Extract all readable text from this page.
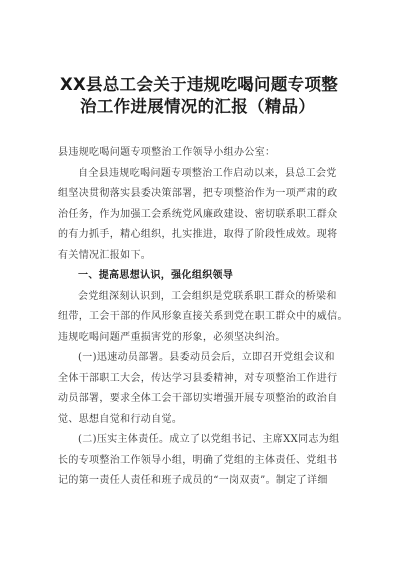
XX县总工会关于违规吃喝问题专项整
治工作进展情况的汇报（精品）
县违规吃喝问题专项整治工作领导小组办公室：
自全县违规吃喝问题专项整治工作启动以来，县总工会党
组坚决贯彻落实县委决策部署，把专项整治作为一项严肃的政
治任务，作为加强工会系统党风廉政建设、密切联系职工群众
的有力抓手，精心组织，扎实推进，取得了阶段性成效。现将
有关情况汇报如下。
一、提高思想认识，强化组织领导
会党组深刻认识到，工会组织是党联系职工群众的桥梁和
纽带，工会干部的作风形象直接关系到党在职工群众中的威信。
违规吃喝问题严重损害党的形象，必须坚决纠治。
(一)迅速动员部署。县委动员会后，立即召开党组会议和
全体干部职工大会，传达学习县委精神，对专项整治工作进行
动员部署，要求全体工会干部切实增强开展专项整治的政治自
觉、思想自觉和行动自觉。
(二)压实主体责任。成立了以党组书记、主席XX同志为组
长的专项整治工作领导小组，明确了党组的主体责任、党组书
记的第一责任人责任和班子成员的“一岗双责”。制定了详细
